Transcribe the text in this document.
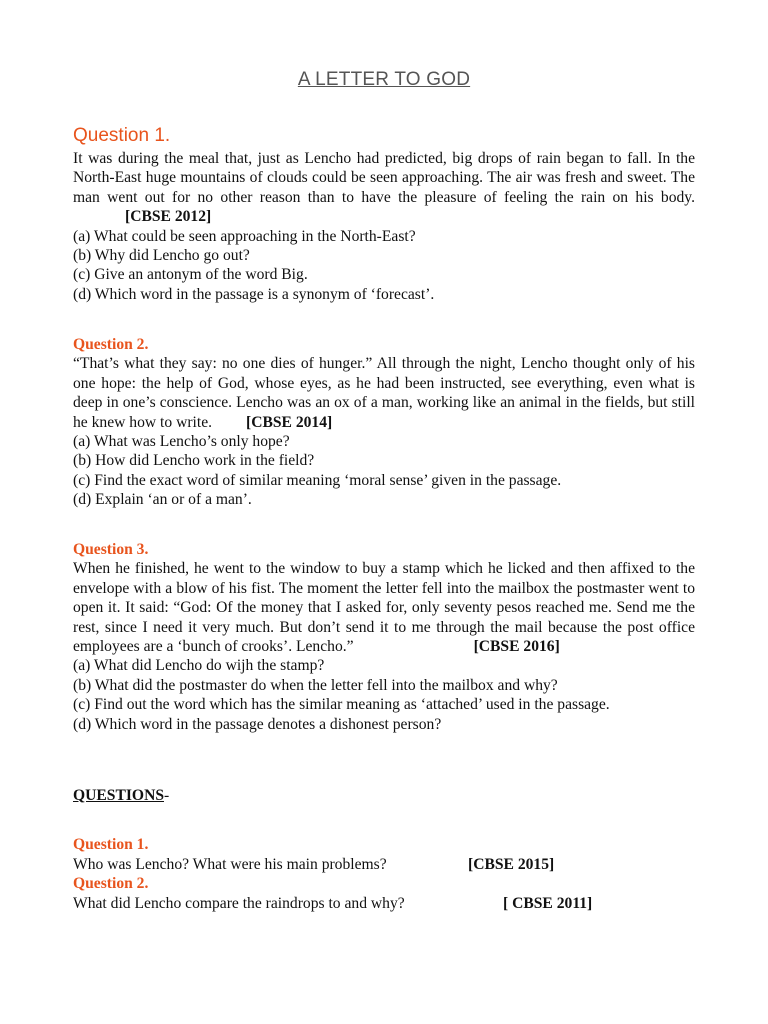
A LETTER TO GOD
Question 1.
It was during the meal that, just as Lencho had predicted, big drops of rain began to fall. In the North-East huge mountains of clouds could be seen approaching. The air was fresh and sweet. The man went out for no other reason than to have the pleasure of feeling the rain on his body.[CBSE 2012]
(a) What could be seen approaching in the North-East?
(b) Why did Lencho go out?
(c) Give an antonym of the word Big.
(d) Which word in the passage is a synonym of ‘forecast’.
Question 2.
“That’s what they say: no one dies of hunger.” All through the night, Lencho thought only of his one hope: the help of God, whose eyes, as he had been instructed, see everything, even what is deep in one’s conscience. Lencho was an ox of a man, working like an animal in the fields, but still he knew how to write. [CBSE 2014]
(a) What was Lencho’s only hope?
(b) How did Lencho work in the field?
(c) Find the exact word of similar meaning ‘moral sense’ given in the passage.
(d) Explain ‘an or of a man’.
Question 3.
When he finished, he went to the window to buy a stamp which he licked and then affixed to the envelope with a blow of his fist. The moment the letter fell into the mailbox the postmaster went to open it. It said: “God: Of the money that I asked for, only seventy pesos reached me. Send me the rest, since I need it very much. But don’t send it to me through the mail because the post office employees are a ‘bunch of crooks’. Lencho.”	[CBSE 2016]
(a) What did Lencho do wijh the stamp?
(b) What did the postmaster do when the letter fell into the mailbox and why?
(c) Find out the word which has the similar meaning as ‘attached’ used in the passage.
(d) Which word in the passage denotes a dishonest person?
QUESTIONS-
Question 1.
Who was Lencho? What were his main problems?	[CBSE 2015]
Question 2.
What did Lencho compare the raindrops to and why?	[ CBSE 2011]
